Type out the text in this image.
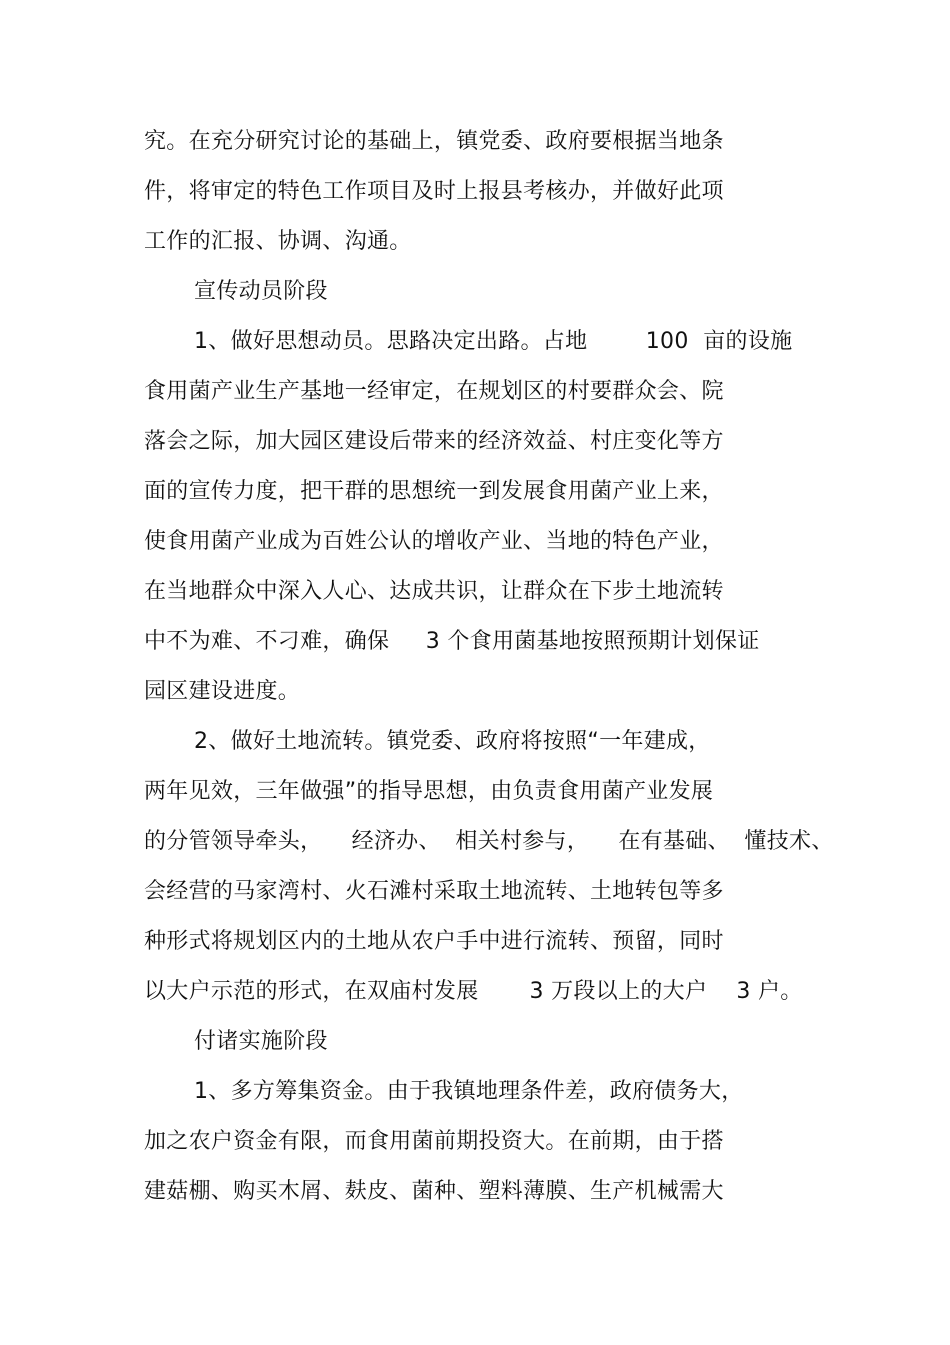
究。在充分研究讨论的基础上，镇党委、政府要根据当地条
件，将审定的特色工作项目及时上报县考核办，并做好此项
工作的汇报、协调、沟通。
宣传动员阶段
1、做好思想动员。思路决定出路。占地        100  亩的设施
食用菌产业生产基地一经审定，在规划区的村要群众会、院
落会之际，加大园区建设后带来的经济效益、村庄变化等方
面的宣传力度，把干群的思想统一到发展食用菌产业上来，
使食用菌产业成为百姓公认的增收产业、当地的特色产业，
在当地群众中深入人心、达成共识，让群众在下步土地流转
中不为难、不刁难，确保     3 个食用菌基地按照预期计划保证
园区建设进度。
2、做好土地流转。镇党委、政府将按照“一年建成，
两年见效，三年做强”的指导思想，由负责食用菌产业发展
的分管领导牵头，    经济办、  相关村参与，    在有基础、  懂技术、
会经营的马家湾村、火石滩村采取土地流转、土地转包等多
种形式将规划区内的土地从农户手中进行流转、预留，同时
以大户示范的形式，在双庙村发展       3 万段以上的大户    3 户。
付诸实施阶段
1、多方筹集资金。由于我镇地理条件差，政府债务大，
加之农户资金有限，而食用菌前期投资大。在前期，由于搭
建菇棚、购买木屑、麸皮、菌种、塑料薄膜、生产机械需大
